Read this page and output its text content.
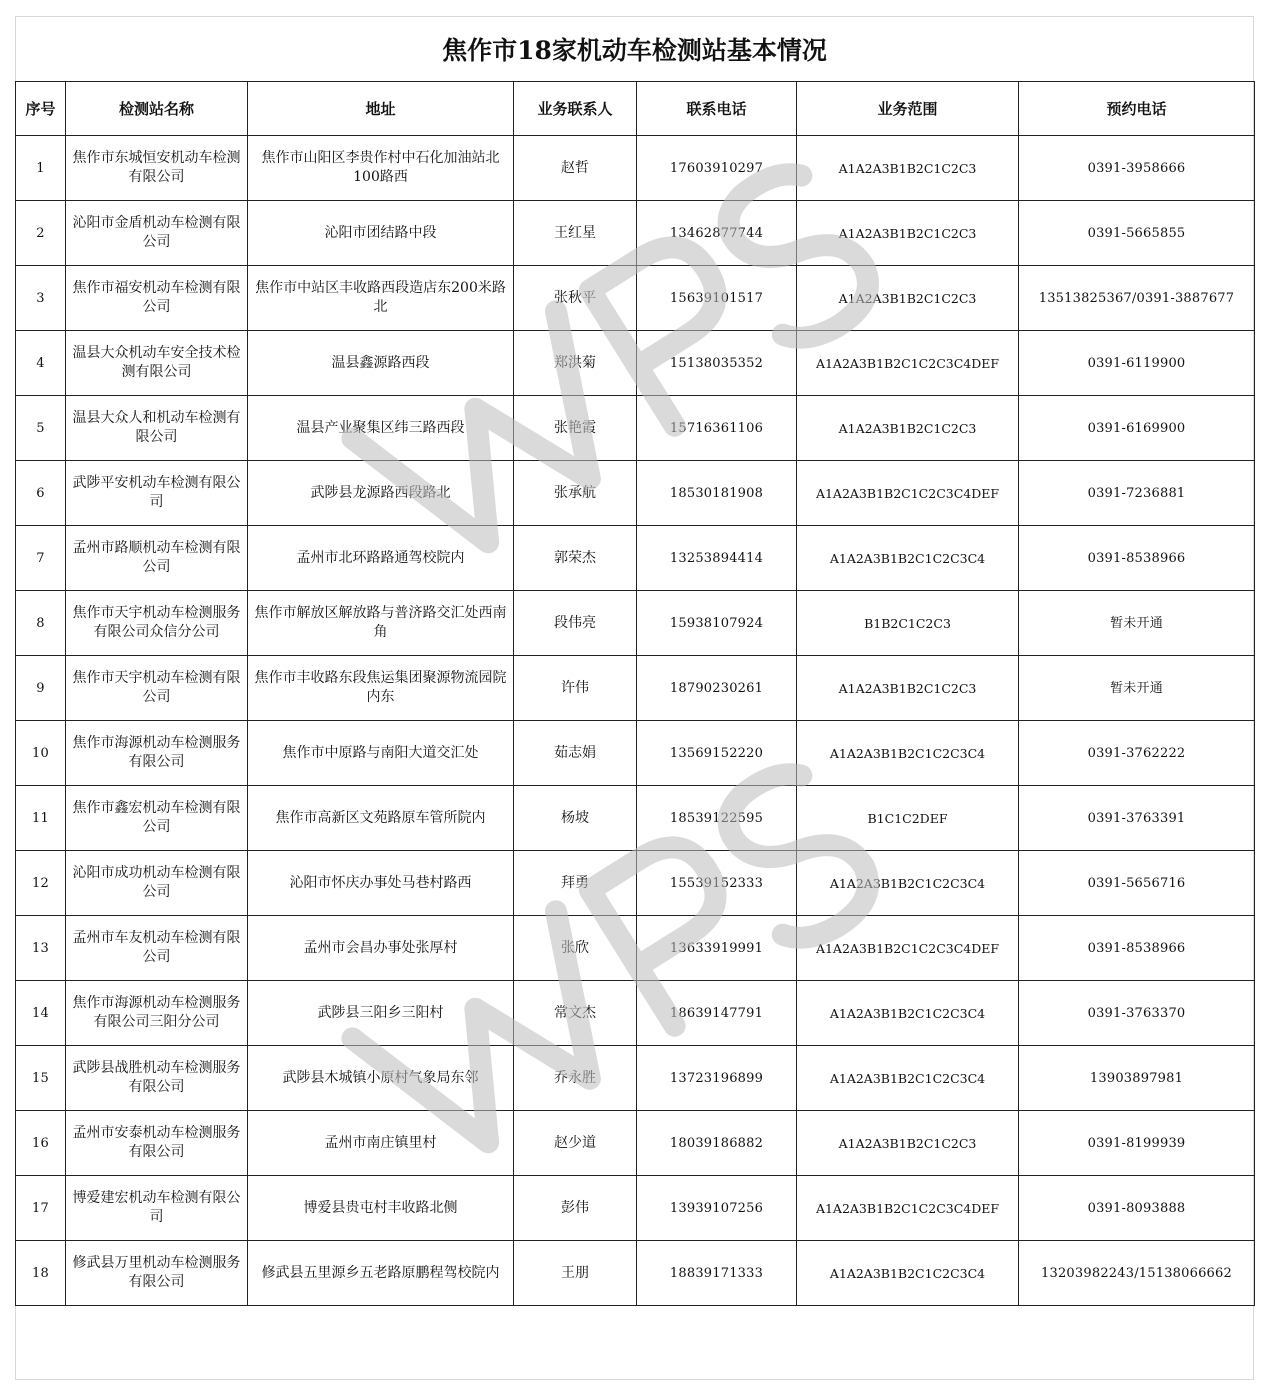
焦作市18家机动车检测站基本情况
序号	检测站名称	地址	业务联系人	联系电话	业务范围	预约电话
1	焦作市东城恒安机动车检测有限公司	焦作市山阳区李贵作村中石化加油站北100路西	赵哲	17603910297	A1A2A3B1B2C1C2C3	0391-3958666
2	沁阳市金盾机动车检测有限公司	沁阳市团结路中段	王红星	13462877744	A1A2A3B1B2C1C2C3	0391-5665855
3	焦作市福安机动车检测有限公司	焦作市中站区丰收路西段造店东200米路北	张秋平	15639101517	A1A2A3B1B2C1C2C3	13513825367/0391-3887677
4	温县大众机动车安全技术检测有限公司	温县鑫源路西段	郑洪菊	15138035352	A1A2A3B1B2C1C2C3C4DEF	0391-6119900
5	温县大众人和机动车检测有限公司	温县产业聚集区纬三路西段	张艳霞	15716361106	A1A2A3B1B2C1C2C3	0391-6169900
6	武陟平安机动车检测有限公司	武陟县龙源路西段路北	张承航	18530181908	A1A2A3B1B2C1C2C3C4DEF	0391-7236881
7	孟州市路顺机动车检测有限公司	孟州市北环路路通驾校院内	郭荣杰	13253894414	A1A2A3B1B2C1C2C3C4	0391-8538966
8	焦作市天宇机动车检测服务有限公司众信分公司	焦作市解放区解放路与普济路交汇处西南角	段伟亮	15938107924	B1B2C1C2C3	暂未开通
9	焦作市天宇机动车检测有限公司	焦作市丰收路东段焦运集团聚源物流园院内东	许伟	18790230261	A1A2A3B1B2C1C2C3	暂未开通
10	焦作市海源机动车检测服务有限公司	焦作市中原路与南阳大道交汇处	茹志娟	13569152220	A1A2A3B1B2C1C2C3C4	0391-3762222
11	焦作市鑫宏机动车检测有限公司	焦作市高新区文苑路原车管所院内	杨坡	18539122595	B1C1C2DEF	0391-3763391
12	沁阳市成功机动车检测有限公司	沁阳市怀庆办事处马巷村路西	拜勇	15539152333	A1A2A3B1B2C1C2C3C4	0391-5656716
13	孟州市车友机动车检测有限公司	孟州市会昌办事处张厚村	张欣	13633919991	A1A2A3B1B2C1C2C3C4DEF	0391-8538966
14	焦作市海源机动车检测服务有限公司三阳分公司	武陟县三阳乡三阳村	常文杰	18639147791	A1A2A3B1B2C1C2C3C4	0391-3763370
15	武陟县战胜机动车检测服务有限公司	武陟县木城镇小原村气象局东邻	乔永胜	13723196899	A1A2A3B1B2C1C2C3C4	13903897981
16	孟州市安泰机动车检测服务有限公司	孟州市南庄镇里村	赵少道	18039186882	A1A2A3B1B2C1C2C3	0391-8199939
17	博爱建宏机动车检测有限公司	博爱县贵屯村丰收路北侧	彭伟	13939107256	A1A2A3B1B2C1C2C3C4DEF	0391-8093888
18	修武县万里机动车检测服务有限公司	修武县五里源乡五老路原鹏程驾校院内	王朋	18839171333	A1A2A3B1B2C1C2C3C4	13203982243/15138066662
